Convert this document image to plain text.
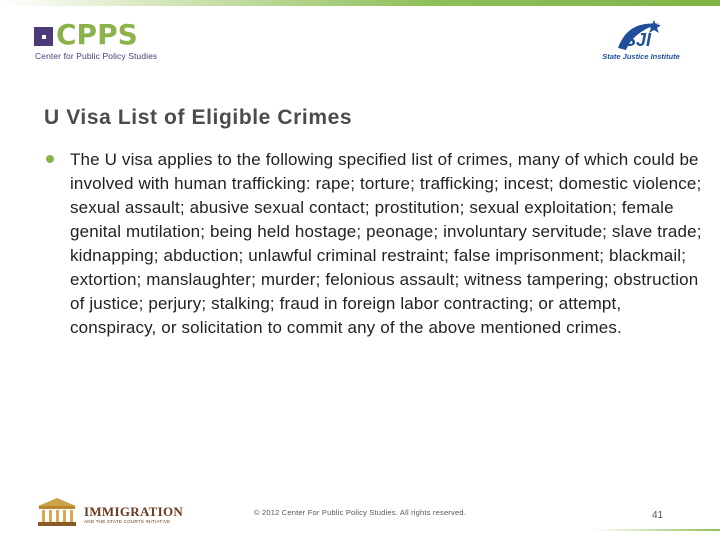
CPPS
Center for Public Policy Studies
SJI
State Justice Institute
U Visa List of Eligible Crimes

The U visa applies to the following specified list of crimes, many of which could be involved with human trafficking: rape; torture; trafficking; incest; domestic violence; sexual assault; abusive sexual contact; prostitution; sexual exploitation; female genital mutilation; being held hostage; peonage; involuntary servitude; slave trade; kidnapping; abduction; unlawful criminal restraint; false imprisonment; blackmail; extortion; manslaughter; murder; felonious assault; witness tampering; obstruction of justice; perjury; stalking; fraud in foreign labor contracting; or attempt, conspiracy, or solicitation to commit any of the above mentioned crimes.

IMMIGRATION
AND THE STATE COURTS INITIATIVE
© 2012 Center For Public Policy Studies. All rights reserved.	41
